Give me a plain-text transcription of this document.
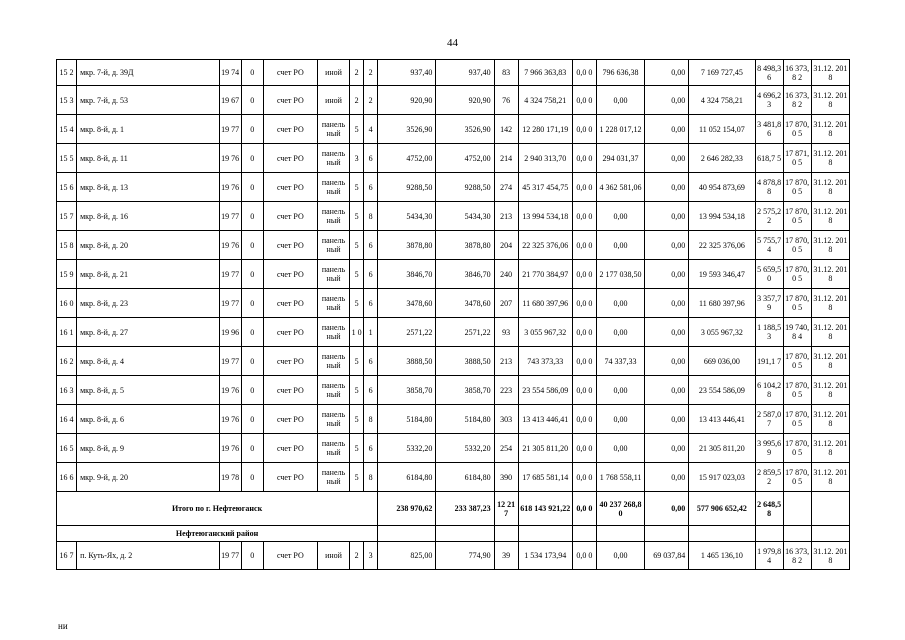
44
15 2	мкр. 7-й, д. 39Д	19 74	0	счет РО	иной	2	2	937,40	937,40	83	7 966 363,83	0,0 0	796 636,38	0,00	7 169 727,45	8 498,3 6	16 373,8 2	31.12. 2018
15 3	мкр. 7-й, д. 53	19 67	0	счет РО	иной	2	2	920,90	920,90	76	4 324 758,21	0,0 0	0,00	0,00	4 324 758,21	4 696,2 3	16 373,8 2	31.12. 2018
15 4	мкр. 8-й, д. 1	19 77	0	счет РО	панель ный	5	4	3526,90	3526,90	142	12 280 171,19	0,0 0	1 228 017,12	0,00	11 052 154,07	3 481,8 6	17 870,0 5	31.12. 2018
15 5	мкр. 8-й, д. 11	19 76	0	счет РО	панель ный	3	6	4752,00	4752,00	214	2 940 313,70	0,0 0	294 031,37	0,00	2 646 282,33	618,7 5	17 871,0 5	31.12. 2018
15 6	мкр. 8-й, д. 13	19 76	0	счет РО	панель ный	5	6	9288,50	9288,50	274	45 317 454,75	0,0 0	4 362 581,06	0,00	40 954 873,69	4 878,8 8	17 870,0 5	31.12. 2018
15 7	мкр. 8-й, д. 16	19 77	0	счет РО	панель ный	5	8	5434,30	5434,30	213	13 994 534,18	0,0 0	0,00	0,00	13 994 534,18	2 575,2 2	17 870,0 5	31.12. 2018
15 8	мкр. 8-й, д. 20	19 76	0	счет РО	панель ный	5	6	3878,80	3878,80	204	22 325 376,06	0,0 0	0,00	0,00	22 325 376,06	5 755,7 4	17 870,0 5	31.12. 2018
15 9	мкр. 8-й, д. 21	19 77	0	счет РО	панель ный	5	6	3846,70	3846,70	240	21 770 384,97	0,0 0	2 177 038,50	0,00	19 593 346,47	5 659,5 0	17 870,0 5	31.12. 2018
16 0	мкр. 8-й, д. 23	19 77	0	счет РО	панель ный	5	6	3478,60	3478,60	207	11 680 397,96	0,0 0	0,00	0,00	11 680 397,96	3 357,7 9	17 870,0 5	31.12. 2018
16 1	мкр. 8-й, д. 27	19 96	0	счет РО	панель ный	1 0	1	2571,22	2571,22	93	3 055 967,32	0,0 0	0,00	0,00	3 055 967,32	1 188,5 3	19 740,8 4	31.12. 2018
16 2	мкр. 8-й, д. 4	19 77	0	счет РО	панель ный	5	6	3888,50	3888,50	213	743 373,33	0,0 0	74 337,33	0,00	669 036,00	191,1 7	17 870,0 5	31.12. 2018
16 3	мкр. 8-й, д. 5	19 76	0	счет РО	панель ный	5	6	3858,70	3858,70	223	23 554 586,09	0,0 0	0,00	0,00	23 554 586,09	6 104,2 8	17 870,0 5	31.12. 2018
16 4	мкр. 8-й, д. 6	19 76	0	счет РО	панель ный	5	8	5184,80	5184,80	303	13 413 446,41	0,0 0	0,00	0,00	13 413 446,41	2 587,0 7	17 870,0 5	31.12. 2018
16 5	мкр. 8-й, д. 9	19 76	0	счет РО	панель ный	5	6	5332,20	5332,20	254	21 305 811,20	0,0 0	0,00	0,00	21 305 811,20	3 995,6 9	17 870,0 5	31.12. 2018
16 6	мкр. 9-й, д. 20	19 78	0	счет РО	панель ный	5	8	6184,80	6184,80	390	17 685 581,14	0,0 0	1 768 558,11	0,00	15 917 023,03	2 859,5 2	17 870,0 5	31.12. 2018
Итого по г. Нефтеюганск								238 970,62	233 387,23	12 217	618 143 921,22	0,0 0	40 237 268,80	0,00	577 906 652,42	2 648,5 8		
Нефтеюганский район																		
16 7	п. Куть-Ях, д. 2	19 77	0	счет РО	иной	2	3	825,00	774,90	39	1 534 173,94	0,0 0	0,00	69 037,84	1 465 136,10	1 979,8 4	16 373,8 2	31.12. 2018
ни
